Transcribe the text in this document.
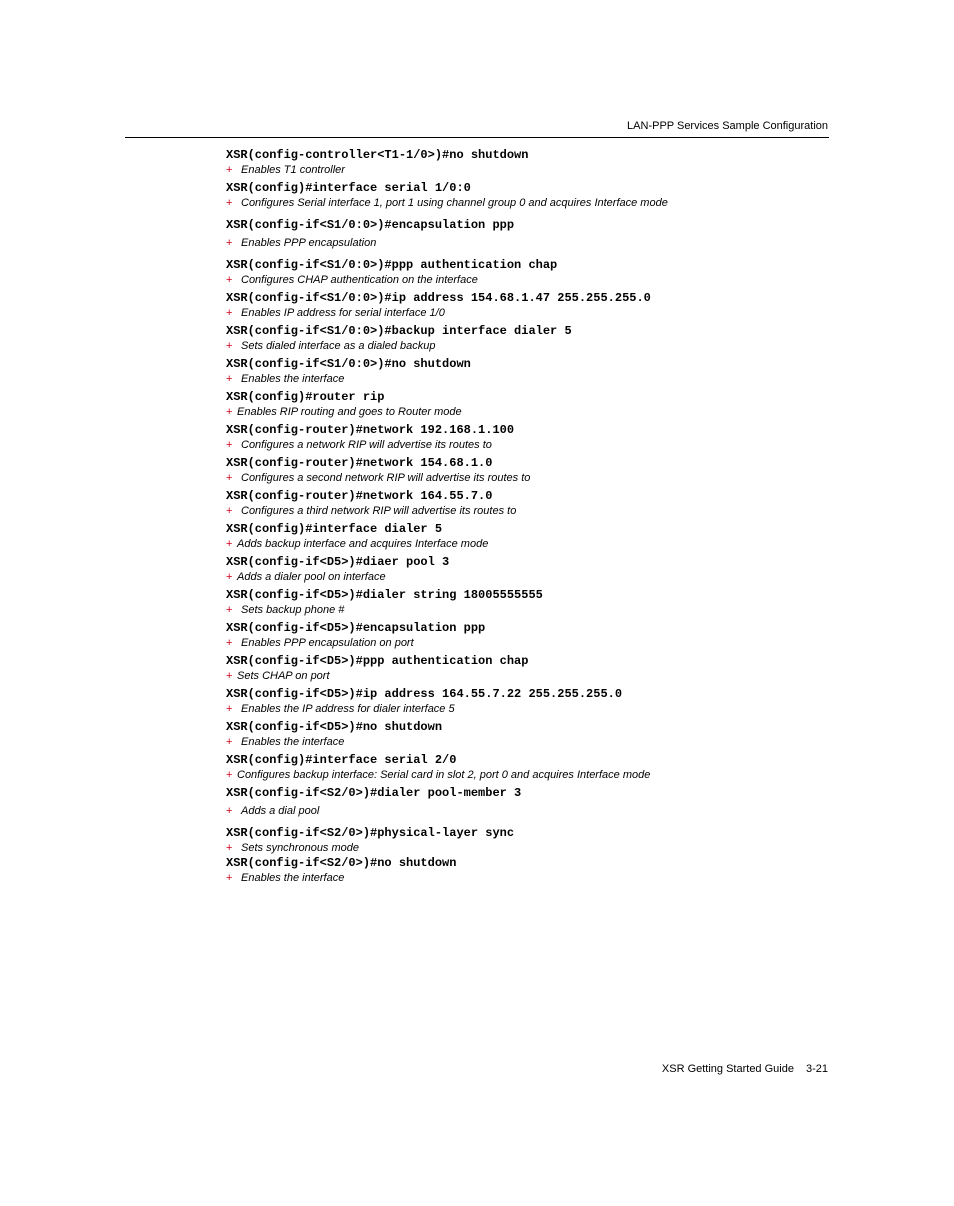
LAN-PPP Services Sample Configuration
XSR(config-controller<T1-1/0>)#no shutdown
+ Enables T1 controller
XSR(config)#interface serial 1/0:0
+ Configures Serial interface 1, port 1 using channel group 0 and acquires Interface mode
XSR(config-if<S1/0:0>)#encapsulation ppp
+ Enables PPP encapsulation
XSR(config-if<S1/0:0>)#ppp authentication chap
+ Configures CHAP authentication on the interface
XSR(config-if<S1/0:0>)#ip address 154.68.1.47 255.255.255.0
+ Enables IP address for serial interface 1/0
XSR(config-if<S1/0:0>)#backup interface dialer 5
+ Sets dialed interface as a dialed backup
XSR(config-if<S1/0:0>)#no shutdown
+ Enables the interface
XSR(config)#router rip
+ Enables RIP routing and goes to Router mode
XSR(config-router)#network 192.168.1.100
+ Configures a network RIP will advertise its routes to
XSR(config-router)#network 154.68.1.0
+ Configures a second network RIP will advertise its routes to
XSR(config-router)#network 164.55.7.0
+ Configures a third network RIP will advertise its routes to
XSR(config)#interface dialer 5
+ Adds backup interface and acquires Interface mode
XSR(config-if<D5>)#diaer pool 3
+ Adds a dialer pool on interface
XSR(config-if<D5>)#dialer string 18005555555
+ Sets backup phone #
XSR(config-if<D5>)#encapsulation ppp
+ Enables PPP encapsulation on port
XSR(config-if<D5>)#ppp authentication chap
+ Sets CHAP on port
XSR(config-if<D5>)#ip address 164.55.7.22 255.255.255.0
+ Enables the IP address for dialer interface 5
XSR(config-if<D5>)#no shutdown
+ Enables the interface
XSR(config)#interface serial 2/0
+ Configures backup interface: Serial card in slot 2, port 0 and acquires Interface mode
XSR(config-if<S2/0>)#dialer pool-member 3
+ Adds a dial pool
XSR(config-if<S2/0>)#physical-layer sync
+ Sets synchronous mode
XSR(config-if<S2/0>)#no shutdown
+ Enables the interface
XSR Getting Started Guide 3-21
